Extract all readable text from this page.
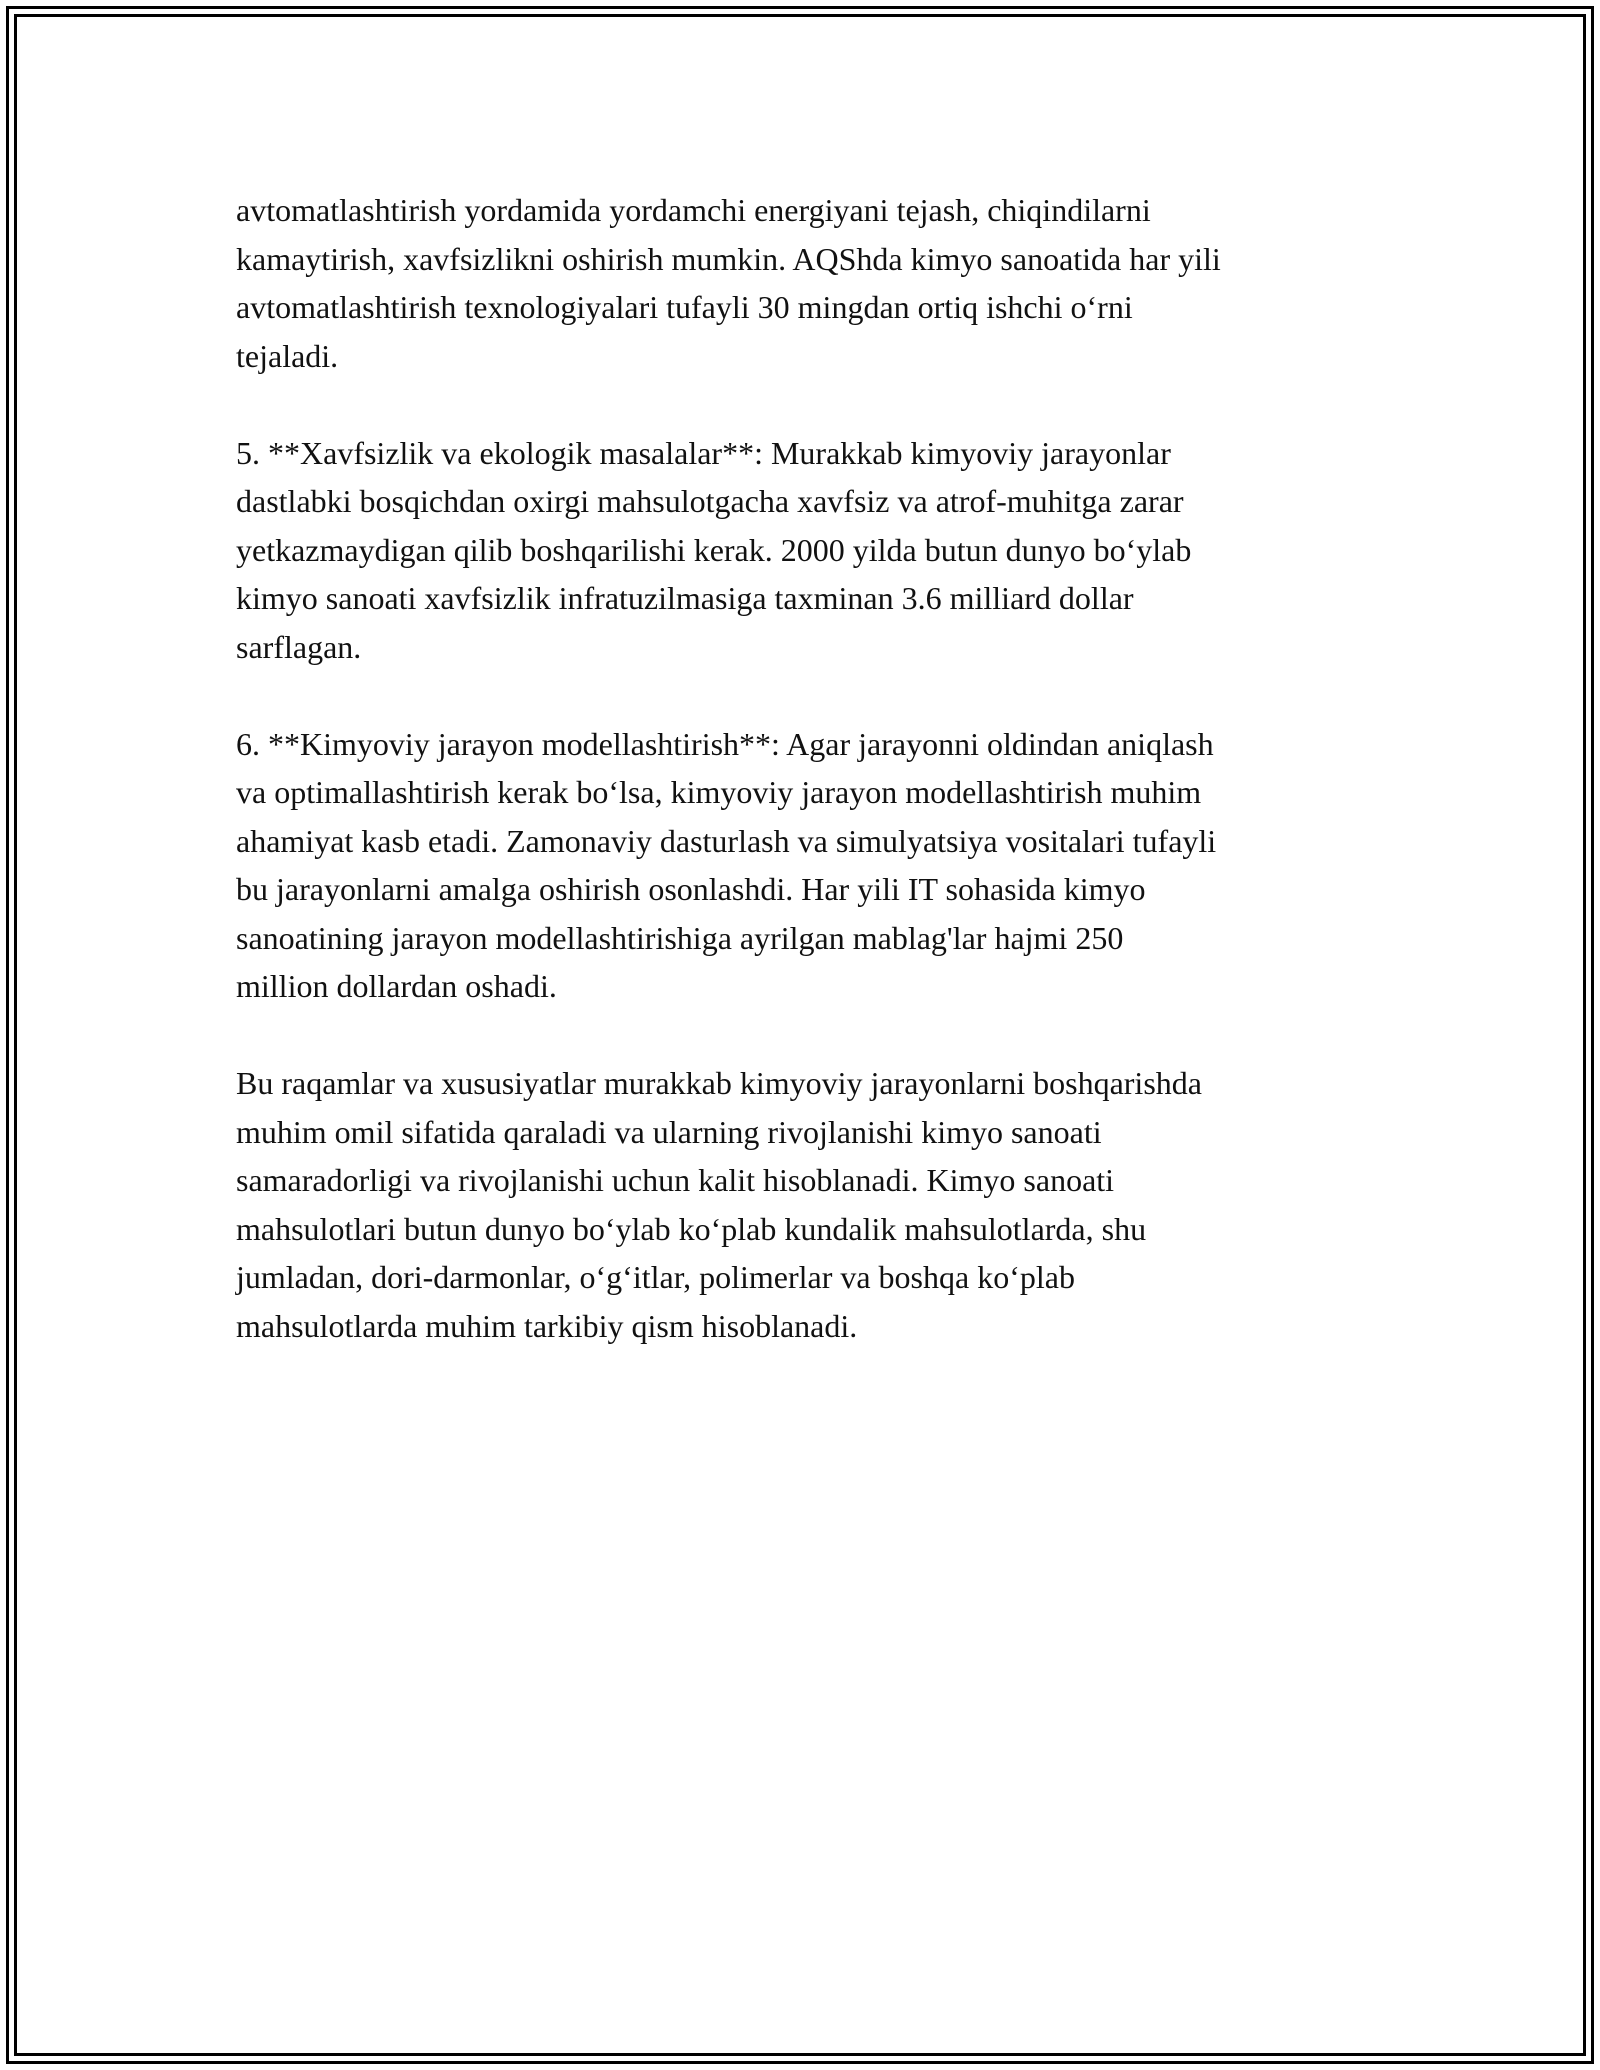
avtomatlashtirish yordamida yordamchi energiyani tejash, chiqindilarni
kamaytirish, xavfsizlikni oshirish mumkin. AQShda kimyo sanoatida har yili
avtomatlashtirish texnologiyalari tufayli 30 mingdan ortiq ishchi o‘rni
tejaladi.

5. **Xavfsizlik va ekologik masalalar**: Murakkab kimyoviy jarayonlar
dastlabki bosqichdan oxirgi mahsulotgacha xavfsiz va atrof-muhitga zarar
yetkazmaydigan qilib boshqarilishi kerak. 2000 yilda butun dunyo bo‘ylab
kimyo sanoati xavfsizlik infratuzilmasiga taxminan 3.6 milliard dollar
sarflagan.

6. **Kimyoviy jarayon modellashtirish**: Agar jarayonni oldindan aniqlash
va optimallashtirish kerak bo‘lsa, kimyoviy jarayon modellashtirish muhim
ahamiyat kasb etadi. Zamonaviy dasturlash va simulyatsiya vositalari tufayli
bu jarayonlarni amalga oshirish osonlashdi. Har yili IT sohasida kimyo
sanoatining jarayon modellashtirishiga ayrilgan mablag'lar hajmi 250
million dollardan oshadi.

Bu raqamlar va xususiyatlar murakkab kimyoviy jarayonlarni boshqarishda
muhim omil sifatida qaraladi va ularning rivojlanishi kimyo sanoati
samaradorligi va rivojlanishi uchun kalit hisoblanadi. Kimyo sanoati
mahsulotlari butun dunyo bo‘ylab ko‘plab kundalik mahsulotlarda, shu
jumladan, dori-darmonlar, o‘g‘itlar, polimerlar va boshqa ko‘plab
mahsulotlarda muhim tarkibiy qism hisoblanadi.
